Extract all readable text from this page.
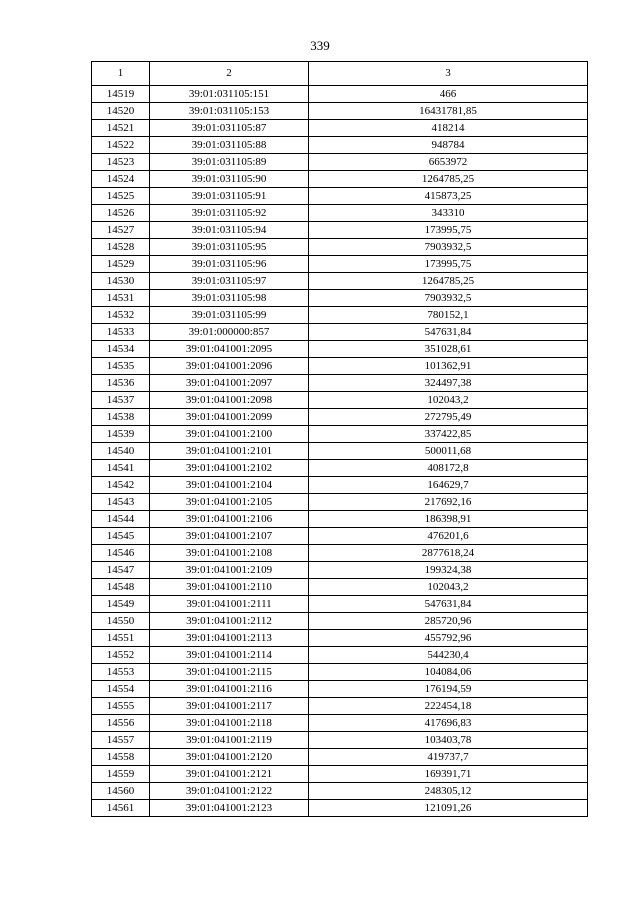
339
1	2	3
14519	39:01:031105:151	466
14520	39:01:031105:153	16431781,85
14521	39:01:031105:87	418214
14522	39:01:031105:88	948784
14523	39:01:031105:89	6653972
14524	39:01:031105:90	1264785,25
14525	39:01:031105:91	415873,25
14526	39:01:031105:92	343310
14527	39:01:031105:94	173995,75
14528	39:01:031105:95	7903932,5
14529	39:01:031105:96	173995,75
14530	39:01:031105:97	1264785,25
14531	39:01:031105:98	7903932,5
14532	39:01:031105:99	780152,1
14533	39:01:000000:857	547631,84
14534	39:01:041001:2095	351028,61
14535	39:01:041001:2096	101362,91
14536	39:01:041001:2097	324497,38
14537	39:01:041001:2098	102043,2
14538	39:01:041001:2099	272795,49
14539	39:01:041001:2100	337422,85
14540	39:01:041001:2101	500011,68
14541	39:01:041001:2102	408172,8
14542	39:01:041001:2104	164629,7
14543	39:01:041001:2105	217692,16
14544	39:01:041001:2106	186398,91
14545	39:01:041001:2107	476201,6
14546	39:01:041001:2108	2877618,24
14547	39:01:041001:2109	199324,38
14548	39:01:041001:2110	102043,2
14549	39:01:041001:2111	547631,84
14550	39:01:041001:2112	285720,96
14551	39:01:041001:2113	455792,96
14552	39:01:041001:2114	544230,4
14553	39:01:041001:2115	104084,06
14554	39:01:041001:2116	176194,59
14555	39:01:041001:2117	222454,18
14556	39:01:041001:2118	417696,83
14557	39:01:041001:2119	103403,78
14558	39:01:041001:2120	419737,7
14559	39:01:041001:2121	169391,71
14560	39:01:041001:2122	248305,12
14561	39:01:041001:2123	121091,26
